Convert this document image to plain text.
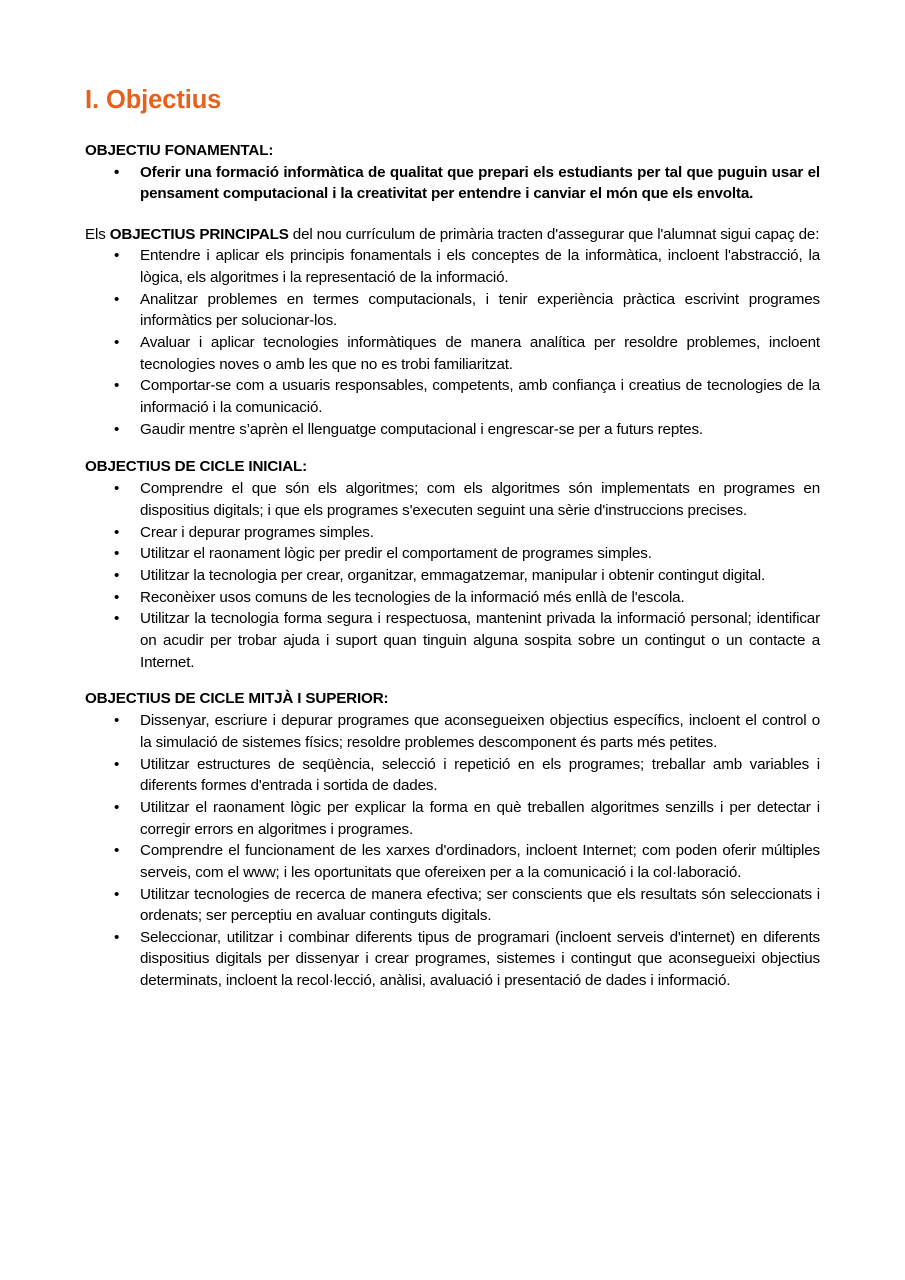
I. Objectius
OBJECTIU FONAMENTAL:
• Oferir una formació informàtica de qualitat que prepari els estudiants per tal que puguin usar el pensament computacional i la creativitat per entendre i canviar el món que els envolta.

Els OBJECTIUS PRINCIPALS del nou currículum de primària tracten d'assegurar que l'alumnat sigui capaç de:

• Entendre i aplicar els principis fonamentals i els conceptes de la informàtica, incloent l'abstracció, la lògica, els algoritmes i la representació de la informació.
• Analitzar problemes en termes computacionals, i tenir experiència pràctica escrivint programes informàtics per solucionar-los.
• Avaluar i aplicar tecnologies informàtiques de manera analítica per resoldre problemes, incloent tecnologies noves o amb les que no es trobi familiaritzat.
• Comportar-se com a usuaris responsables, competents, amb confiança i creatius de tecnologies de la informació i la comunicació.
• Gaudir mentre s’aprèn el llenguatge computacional i engrescar-se per a futurs reptes.
OBJECTIUS DE CICLE INICIAL:
• Comprendre el que són els algoritmes; com els algoritmes són implementats en programes en dispositius digitals; i que els programes s'executen seguint una sèrie d'instruccions precises.
• Crear i depurar programes simples.
• Utilitzar el raonament lògic per predir el comportament de programes simples.
• Utilitzar la tecnologia per crear, organitzar, emmagatzemar, manipular i obtenir contingut digital.
• Reconèixer usos comuns de les tecnologies de la informació més enllà de l'escola.
• Utilitzar la tecnologia forma segura i respectuosa, mantenint privada la informació personal; identificar on acudir per trobar ajuda i suport quan tinguin alguna sospita sobre un contingut o un contacte a Internet.
OBJECTIUS DE CICLE MITJÀ I SUPERIOR:
• Dissenyar, escriure i depurar programes que aconsegueixen objectius específics, incloent el control o la simulació de sistemes físics; resoldre problemes descomponent és parts més petites.
• Utilitzar estructures de seqüència, selecció i repetició en els programes; treballar amb variables i diferents formes d'entrada i sortida de dades.
• Utilitzar el raonament lògic per explicar la forma en què treballen algoritmes senzills i per detectar i corregir errors en algoritmes i programes.
• Comprendre el funcionament de les xarxes d'ordinadors, incloent Internet; com poden oferir múltiples serveis, com el www; i les oportunitats que ofereixen per a la comunicació i la col·laboració.
• Utilitzar tecnologies de recerca de manera efectiva; ser conscients que els resultats són seleccionats i ordenats; ser perceptiu en avaluar continguts digitals.
• Seleccionar, utilitzar i combinar diferents tipus de programari (incloent serveis d'internet) en diferents dispositius digitals per dissenyar i crear programes, sistemes i contingut que aconsegueixi objectius determinats, incloent la recol·lecció, anàlisi, avaluació i presentació de dades i informació.
